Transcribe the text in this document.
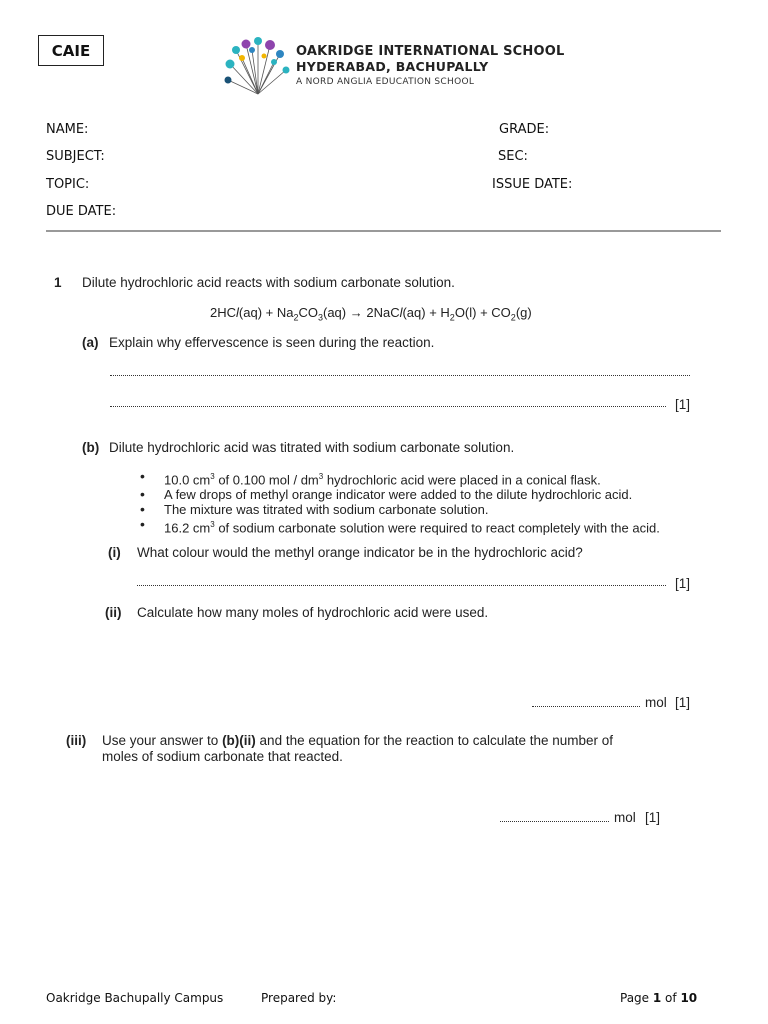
CAIE	OAKRIDGE INTERNATIONAL SCHOOL
HYDERABAD, BACHUPALLY
A NORD ANGLIA EDUCATION SCHOOL
NAME:	GRADE:
SUBJECT:	SEC:
TOPIC:	ISSUE DATE:
DUE DATE:
1 Dilute hydrochloric acid reacts with sodium carbonate solution.
$2HCl(aq) + Na_2CO_3(aq)$ → 2NaCl(aq) + $H_2O(l) + CO_2(g)$
(a) Explain why effervescence is seen during the reaction.
[1]
(b) Dilute hydrochloric acid was titrated with sodium carbonate solution.
• 10.0 $cm^3$ of 0.100 mol / $dm^3$ hydrochloric acid were placed in a conical flask.
• A few drops of methyl orange indicator were added to the dilute hydrochloric acid.
• The mixture was titrated with sodium carbonate solution.
• 16.2 $cm^3$ of sodium carbonate solution were required to react completely with the acid.
(i) What colour would the methyl orange indicator be in the hydrochloric acid?
[1]
(ii) Calculate how many moles of hydrochloric acid were used.
mol [1]
(iii) Use your answer to (b)(ii) and the equation for the reaction to calculate the number of
moles of sodium carbonate that reacted.
mol [1]
Oakridge Bachupally Campus	Prepared by:	Page 1 of 10
